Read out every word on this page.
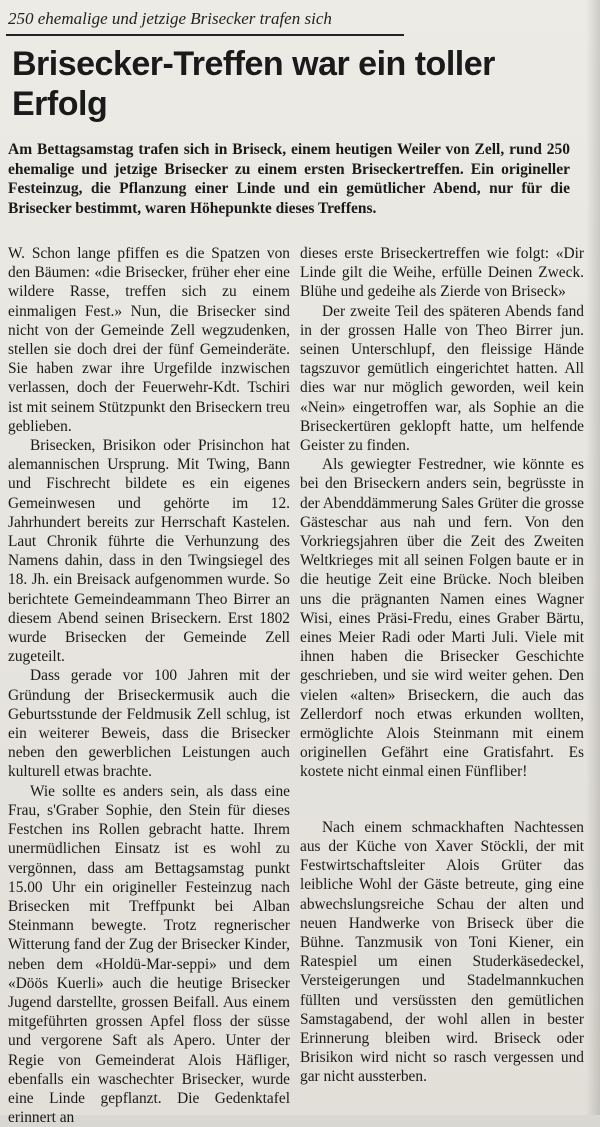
250 ehemalige und jetzige Brisecker trafen sich
Brisecker-Treffen war ein toller Erfolg
Am Bettagsamstag trafen sich in Briseck, einem heutigen Weiler von Zell, rund 250 ehemalige und jetzige Brisecker zu einem ersten Briseckertreffen. Ein origineller Festeinzug, die Pflanzung einer Linde und ein gemütlicher Abend, nur für die Brisecker bestimmt, waren Höhepunkte dieses Treffens.

W. Schon lange pfiffen es die Spatzen von den Bäumen: «die Brisecker, früher eher eine wildere Rasse, treffen sich zu einem einmaligen Fest.» Nun, die Brisecker sind nicht von der Gemeinde Zell wegzudenken, stellen sie doch drei der fünf Gemeinderäte. Sie haben zwar ihre Urgefilde inzwischen verlassen, doch der Feuerwehr-Kdt. Tschiri ist mit seinem Stützpunkt den Briseckern treu geblieben.

Brisecken, Brisikon oder Prisinchon hat alemannischen Ursprung. Mit Twing, Bann und Fischrecht bildete es ein eigenes Gemeinwesen und gehörte im 12. Jahrhundert bereits zur Herrschaft Kastelen. Laut Chronik führte die Verhunzung des Namens dahin, dass in den Twingsiegel des 18. Jh. ein Breisack aufgenommen wurde. So berichtete Gemeindeammann Theo Birrer an diesem Abend seinen Briseckern. Erst 1802 wurde Brisecken der Gemeinde Zell zugeteilt.

Dass gerade vor 100 Jahren mit der Gründung der Briseckermusik auch die Geburtsstunde der Feldmusik Zell schlug, ist ein weiterer Beweis, dass die Brisecker neben den gewerblichen Leistungen auch kulturell etwas brachte.

Wie sollte es anders sein, als dass eine Frau, s'Graber Sophie, den Stein für dieses Festchen ins Rollen gebracht hatte. Ihrem unermüdlichen Einsatz ist es wohl zu vergönnen, dass am Bettagsamstag punkt 15.00 Uhr ein origineller Festeinzug nach Brisecken mit Treffpunkt bei Alban Steinmann bewegte. Trotz regnerischer Witterung fand der Zug der Brisecker Kinder, neben dem «Holdü-Mar-seppi» und dem «Döös Kuerli» auch die heutige Brisecker Jugend darstellte, grossen Beifall. Aus einem mitgeführten grossen Apfel floss der süsse und vergorene Saft als Apero. Unter der Regie von Gemeinderat Alois Häfliger, ebenfalls ein waschechter Brisecker, wurde eine Linde gepflanzt. Die Gedenktafel erinnert an

dieses erste Briseckertreffen wie folgt: «Dir Linde gilt die Weihe, erfülle Deinen Zweck. Blühe und gedeihe als Zierde von Briseck»

Der zweite Teil des späteren Abends fand in der grossen Halle von Theo Birrer jun. seinen Unterschlupf, den fleissige Hände tagszuvor gemütlich eingerichtet hatten. All dies war nur möglich geworden, weil kein «Nein» eingetroffen war, als Sophie an die Briseckertüren geklopft hatte, um helfende Geister zu finden.

Als gewiegter Festredner, wie könnte es bei den Briseckern anders sein, begrüsste in der Abenddämmerung Sales Grüter die grosse Gästeschar aus nah und fern. Von den Vorkriegsjahren über die Zeit des Zweiten Weltkrieges mit all seinen Folgen baute er in die heutige Zeit eine Brücke. Noch bleiben uns die prägnanten Namen eines Wagner Wisi, eines Präsi-Fredu, eines Graber Bärtu, eines Meier Radi oder Marti Juli. Viele mit ihnen haben die Brisecker Geschichte geschrieben, und sie wird weiter gehen. Den vielen «alten» Briseckern, die auch das Zellerdorf noch etwas erkunden wollten, ermöglichte Alois Steinmann mit einem originellen Gefährt eine Gratisfahrt. Es kostete nicht einmal einen Fünfliber!

Nach einem schmackhaften Nachtessen aus der Küche von Xaver Stöckli, der mit Festwirtschaftsleiter Alois Grüter das leibliche Wohl der Gäste betreute, ging eine abwechslungsreiche Schau der alten und neuen Handwerke von Briseck über die Bühne. Tanzmusik von Toni Kiener, ein Ratespiel um einen Studerkäsedeckel, Versteigerungen und Stadelmannkuchen füllten und versüssten den gemütlichen Samstagabend, der wohl allen in bester Erinnerung bleiben wird. Briseck oder Brisikon wird nicht so rasch vergessen und gar nicht aussterben.
